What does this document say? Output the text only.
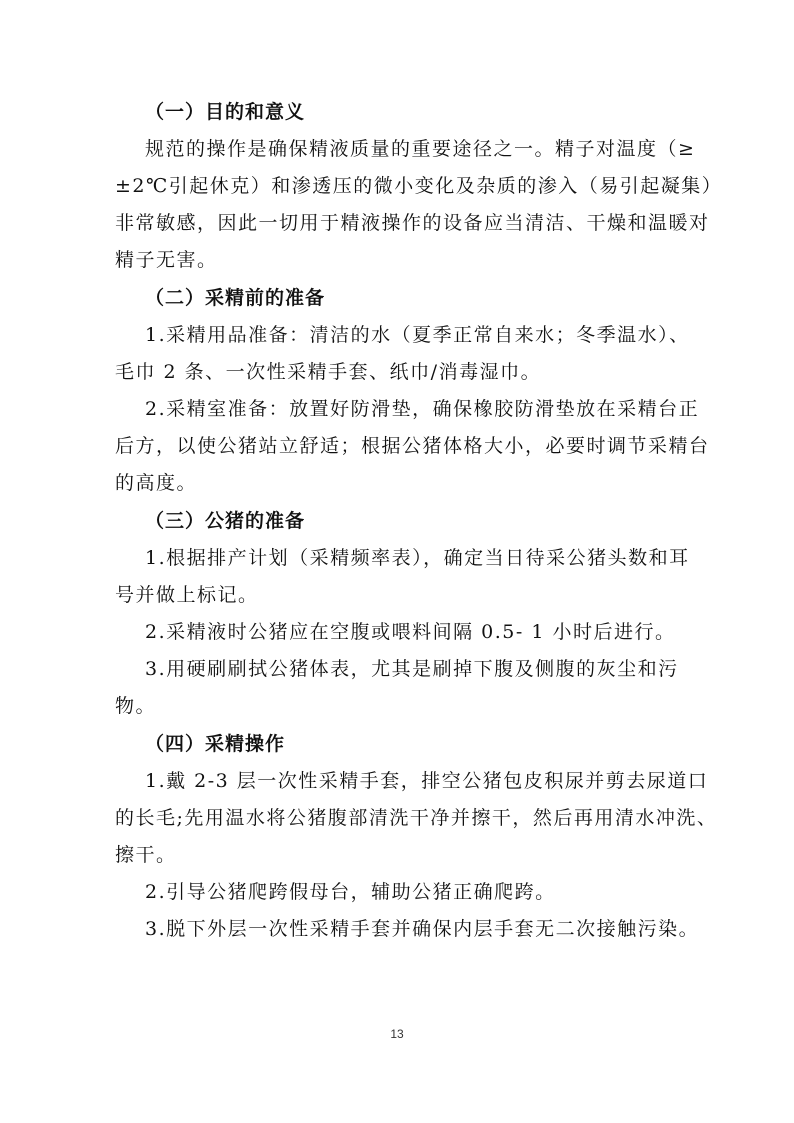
（一）目的和意义

规范的操作是确保精液质量的重要途径之一。精子对温度（≥
±2℃引起休克）和渗透压的微小变化及杂质的渗入（易引起凝集）
非常敏感，因此一切用于精液操作的设备应当清洁、干燥和温暖对
精子无害。

（二）采精前的准备

1.采精用品准备：清洁的水（夏季正常自来水；冬季温水）、
毛巾 2 条、一次性采精手套、纸巾/消毒湿巾。

2.采精室准备：放置好防滑垫，确保橡胶防滑垫放在采精台正
后方，以使公猪站立舒适；根据公猪体格大小，必要时调节采精台
的高度。

（三）公猪的准备

1.根据排产计划（采精频率表），确定当日待采公猪头数和耳
号并做上标记。

2.采精液时公猪应在空腹或喂料间隔 0.5- 1 小时后进行。

3.用硬刷刷拭公猪体表，尤其是刷掉下腹及侧腹的灰尘和污
物。

（四）采精操作

1.戴 2-3 层一次性采精手套，排空公猪包皮积尿并剪去尿道口
的长毛;先用温水将公猪腹部清洗干净并擦干，然后再用清水冲洗、
擦干。

2.引导公猪爬跨假母台，辅助公猪正确爬跨。

3.脱下外层一次性采精手套并确保内层手套无二次接触污染。

13
